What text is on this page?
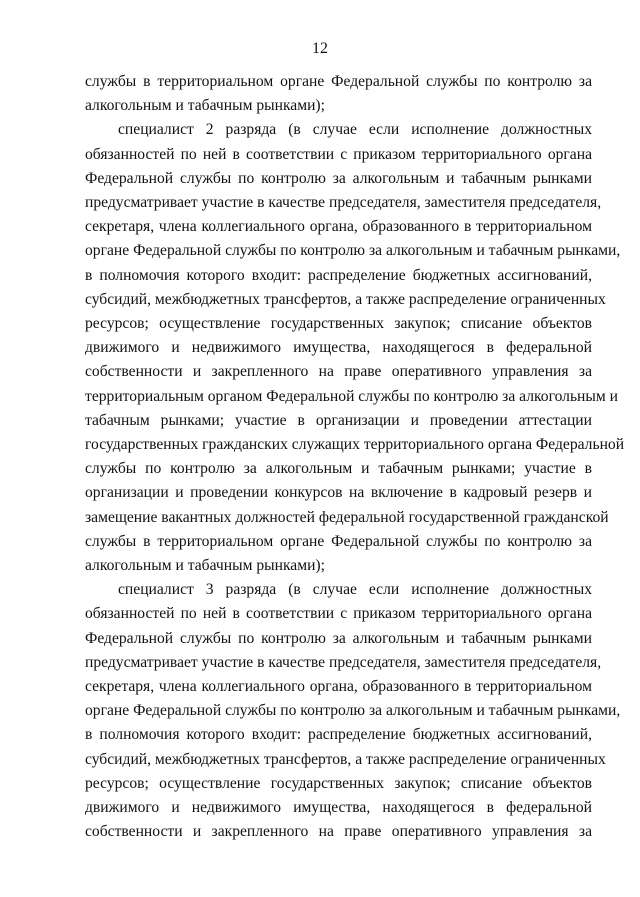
12
службы в территориальном органе Федеральной службы по контролю за
алкогольным и табачным рынками);
специалист 2 разряда (в случае если исполнение должностных
обязанностей по ней в соответствии с приказом территориального органа
Федеральной службы по контролю за алкогольным и табачным рынками
предусматривает участие в качестве председателя, заместителя председателя,
секретаря, члена коллегиального органа, образованного в территориальном
органе Федеральной службы по контролю за алкогольным и табачным рынками,
в полномочия которого входит: распределение бюджетных ассигнований,
субсидий, межбюджетных трансфертов, а также распределение ограниченных
ресурсов; осуществление государственных закупок; списание объектов
движимого и недвижимого имущества, находящегося в федеральной
собственности и закрепленного на праве оперативного управления за
территориальным органом Федеральной службы по контролю за алкогольным и
табачным рынками; участие в организации и проведении аттестации
государственных гражданских служащих территориального органа Федеральной
службы по контролю за алкогольным и табачным рынками; участие в
организации и проведении конкурсов на включение в кадровый резерв и
замещение вакантных должностей федеральной государственной гражданской
службы в территориальном органе Федеральной службы по контролю за
алкогольным и табачным рынками);
специалист 3 разряда (в случае если исполнение должностных
обязанностей по ней в соответствии с приказом территориального органа
Федеральной службы по контролю за алкогольным и табачным рынками
предусматривает участие в качестве председателя, заместителя председателя,
секретаря, члена коллегиального органа, образованного в территориальном
органе Федеральной службы по контролю за алкогольным и табачным рынками,
в полномочия которого входит: распределение бюджетных ассигнований,
субсидий, межбюджетных трансфертов, а также распределение ограниченных
ресурсов; осуществление государственных закупок; списание объектов
движимого и недвижимого имущества, находящегося в федеральной
собственности и закрепленного на праве оперативного управления за
